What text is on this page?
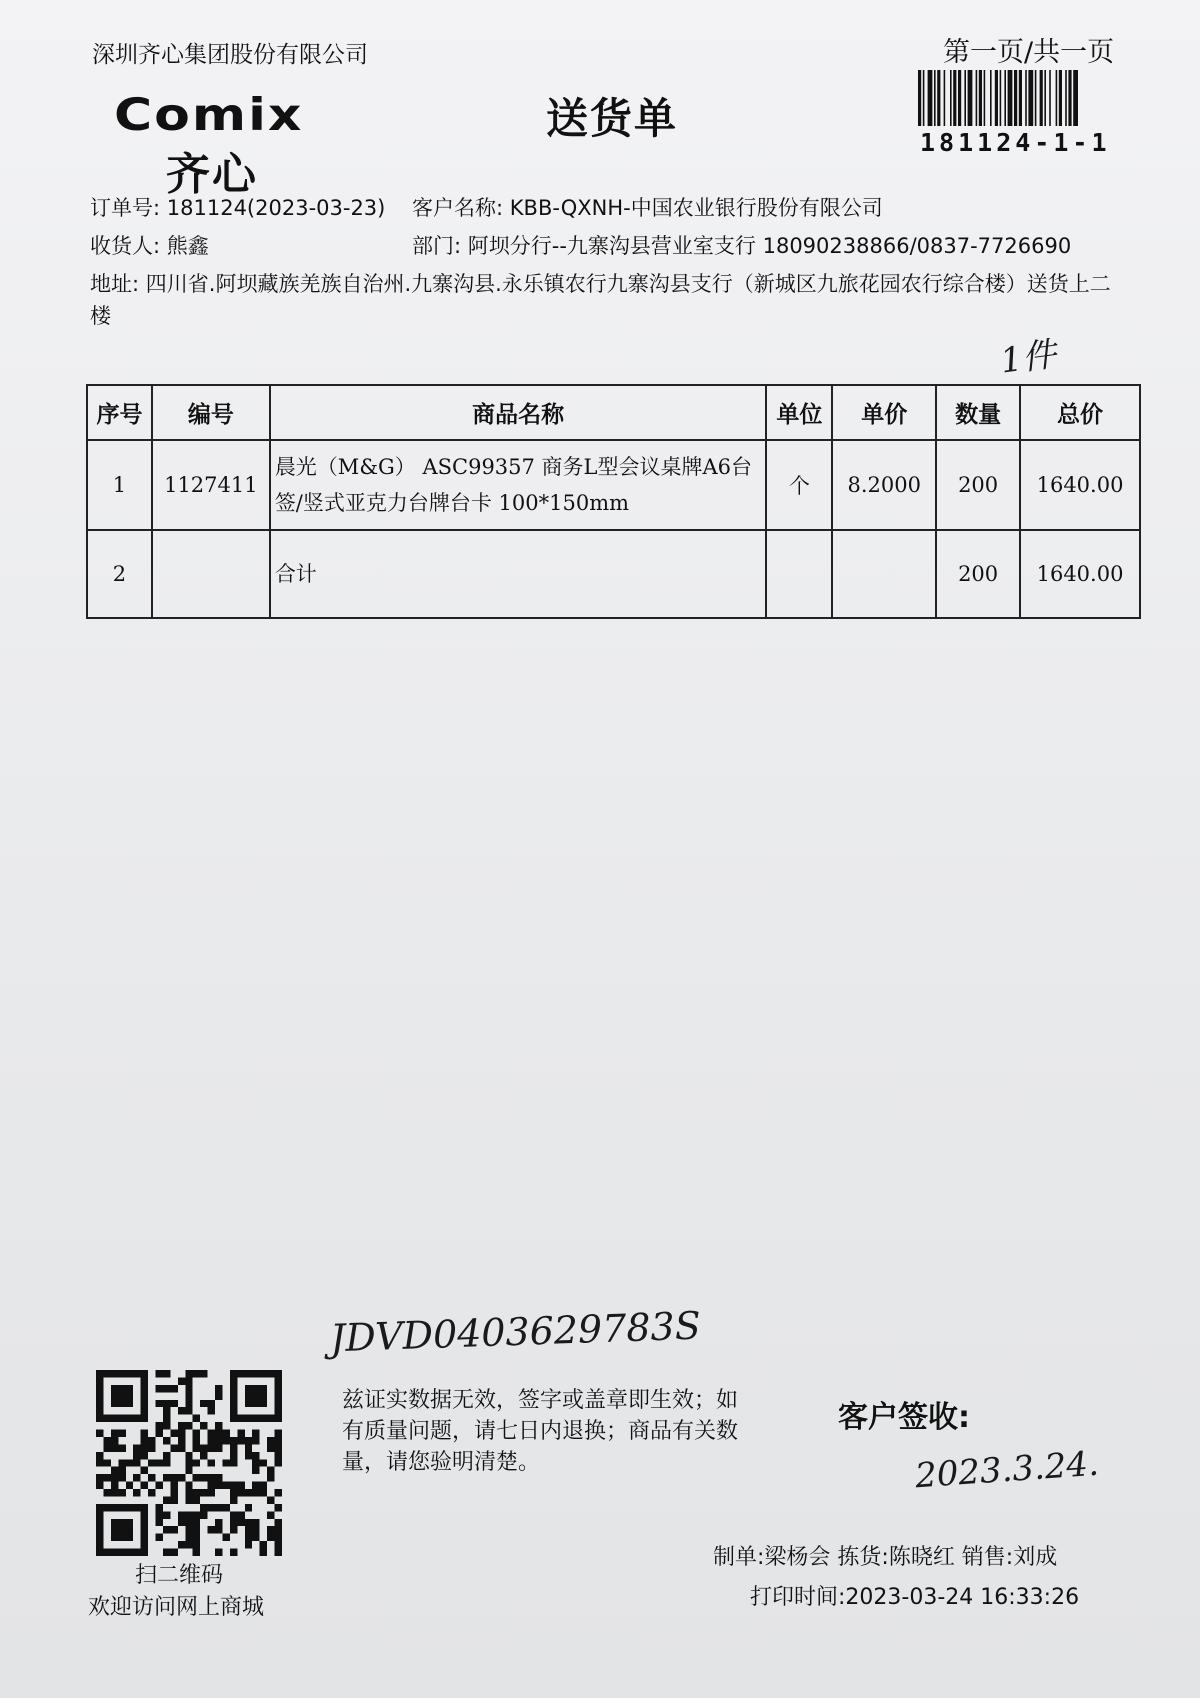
深圳齐心集团股份有限公司	第一页/共一页
181124-1-1
Comix
齐心
送货单
订单号: 181124(2023-03-23) 客户名称: KBB-QXNH-中国农业银行股份有限公司
收货人: 熊鑫	部门: 阿坝分行--九寨沟县营业室支行 18090238866/0837-7726690
地址: 四川省.阿坝藏族羌族自治州.九寨沟县.永乐镇农行九寨沟县支行（新城区九旅花园农行综合楼）送货上二楼
1件
序号	编号	商品名称	单位	单价	数量	总价
1	1127411	晨光（M&G） ASC99357 商务L型会议桌牌A6台签/竖式亚克力台牌台卡 100*150mm	个	8.2000	200	1640.00
2		合计			200	1640.00
JDVD0403629783S
扫二维码
欢迎访问网上商城
兹证实数据无效，签字或盖章即生效；如有质量问题，请七日内退换；商品有关数量，请您验明清楚。
客户签收:
2023.3.24.
制单:梁杨会 拣货:陈晓红 销售:刘成
打印时间:2023-03-24 16:33:26
